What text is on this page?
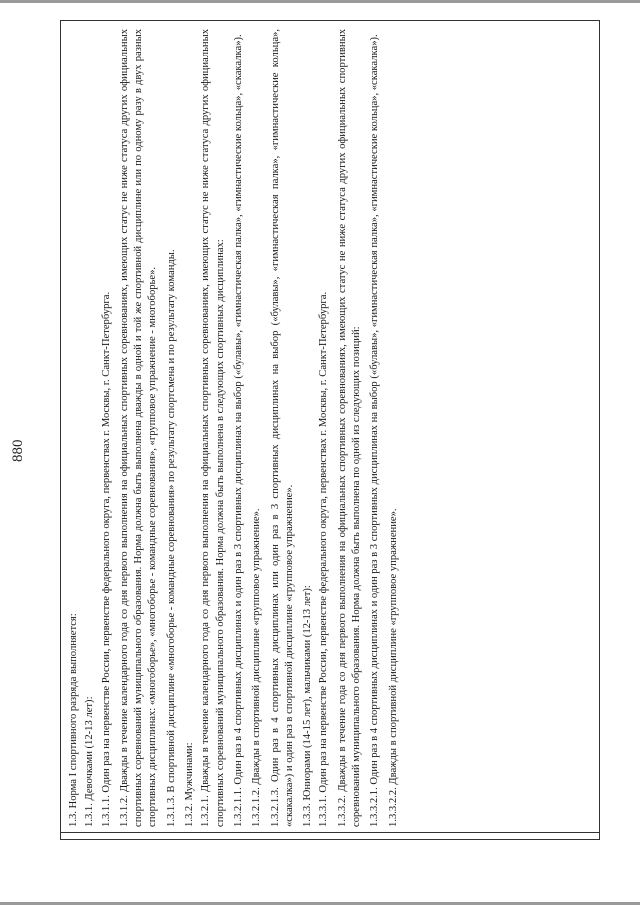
880

1.3. Норма I спортивного разряда выполняется: 1.3.1. Девочками (12-13 лет): 1.3.1.1. Один раз на первенстве России, первенстве федерального округа, первенствах г. Москвы, г. Санкт-Петербурга. 1.3.1.2. Дважды в течение календарного года со дня первого выполнения на официальных спортивных соревнованиях, имеющих статус не ниже статуса других официальных спортивных соревнований муниципального образования. Норма должна быть выполнена дважды в одной и той же спортивной дисциплине или по одному разу в двух разных спортивных дисциплинах: «многоборье», «многоборье - командные соревнования», «групповое упражнение - многоборье». 1.3.1.3. В спортивной дисциплине «многоборье - командные соревнования» по результату спортсмена и по результату команды. 1.3.2. Мужчинами: 1.3.2.1. Дважды в течение календарного года со дня первого выполнения на официальных спортивных соревнованиях, имеющих статус не ниже статуса других официальных спортивных соревнований муниципального образования. Норма должна быть выполнена в следующих спортивных дисциплинах: 1.3.2.1.1. Один раз в 4 спортивных дисциплинах и один раз в 3 спортивных дисциплинах на выбор («булавы», «гимнастическая палка», «гимнастические кольца», «скакалка»). 1.3.2.1.2. Дважды в спортивной дисциплине «групповое упражнение». 1.3.2.1.3. Один раз в 4 спортивных дисциплинах или один раз в 3 спортивных дисциплинах на выбор («булавы», «гимнастическая палка», «гимнастические кольца», «скакалка») и один раз в спортивной дисциплине «групповое упражнение». 1.3.3. Юниорами (14-15 лет), мальчиками (12-13 лет): 1.3.3.1. Один раз на первенстве России, первенстве федерального округа, первенствах г. Москвы, г. Санкт-Петербурга. 1.3.3.2. Дважды в течение года со дня первого выполнения на официальных спортивных соревнованиях, имеющих статус не ниже статуса других официальных спортивных соревнований муниципального образования. Норма должна быть выполнена по одной из следующих позиций: 1.3.3.2.1. Один раз в 4 спортивных дисциплинах и один раз в 3 спортивных дисциплинах на выбор («булавы», «гимнастическая палка», «гимнастические кольца», «скакалка»). 1.3.3.2.2. Дважды в спортивной дисциплине «групповое упражнение».
